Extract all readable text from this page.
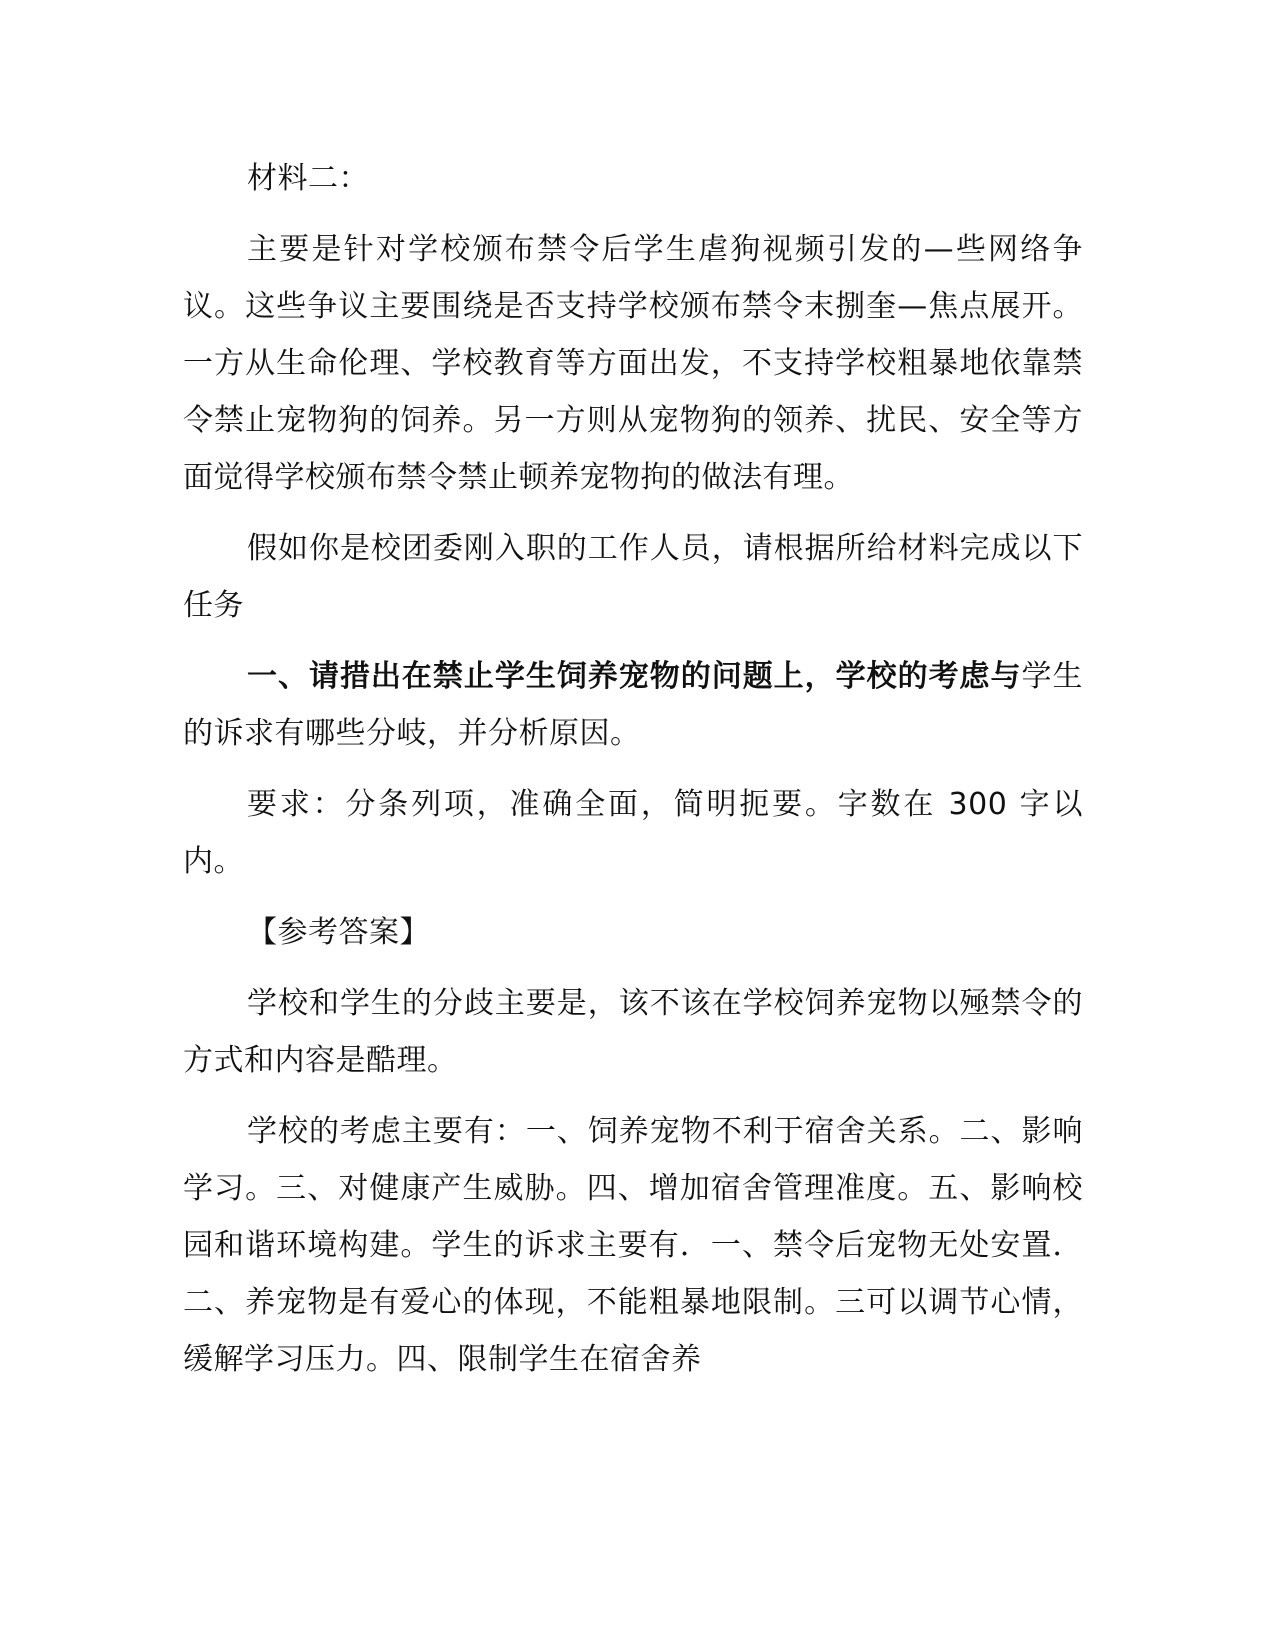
材料二：

主要是针对学校颁布禁令后学生虐狗视频引发的—些网络争议。这些争议主要围绕是否支持学校颁布禁令末捌奎—焦点展开。一方从生命伦理、学校教育等方面出发，不支持学校粗暴地依靠禁令禁止宠物狗的饲养。另一方则从宠物狗的领养、扰民、安全等方面觉得学校颁布禁令禁止顿养宠物拘的做法有理。

假如你是校团委刚入职的工作人员，请根据所给材料完成以下任务

一、请措出在禁止学生饲养宠物的问题上，学校的考虑与学生的诉求有哪些分岐，并分析原因。

要求：分条列项，准确全面，简明扼要。字数在 300 字以内。

【参考答案】

学校和学生的分歧主要是，该不该在学校饲养宠物以殛禁令的方式和内容是酷理。

学校的考虑主要有：一、饲养宠物不利于宿舍关系。二、影响学习。三、对健康产生威胁。四、增加宿舍管理准度。五、影响校园和谐环境构建。学生的诉求主要有．一、禁令后宠物无处安置．二、养宠物是有爱心的体现，不能粗暴地限制。三可以调节心情，缓解学习压力。四、限制学生在宿舍养
